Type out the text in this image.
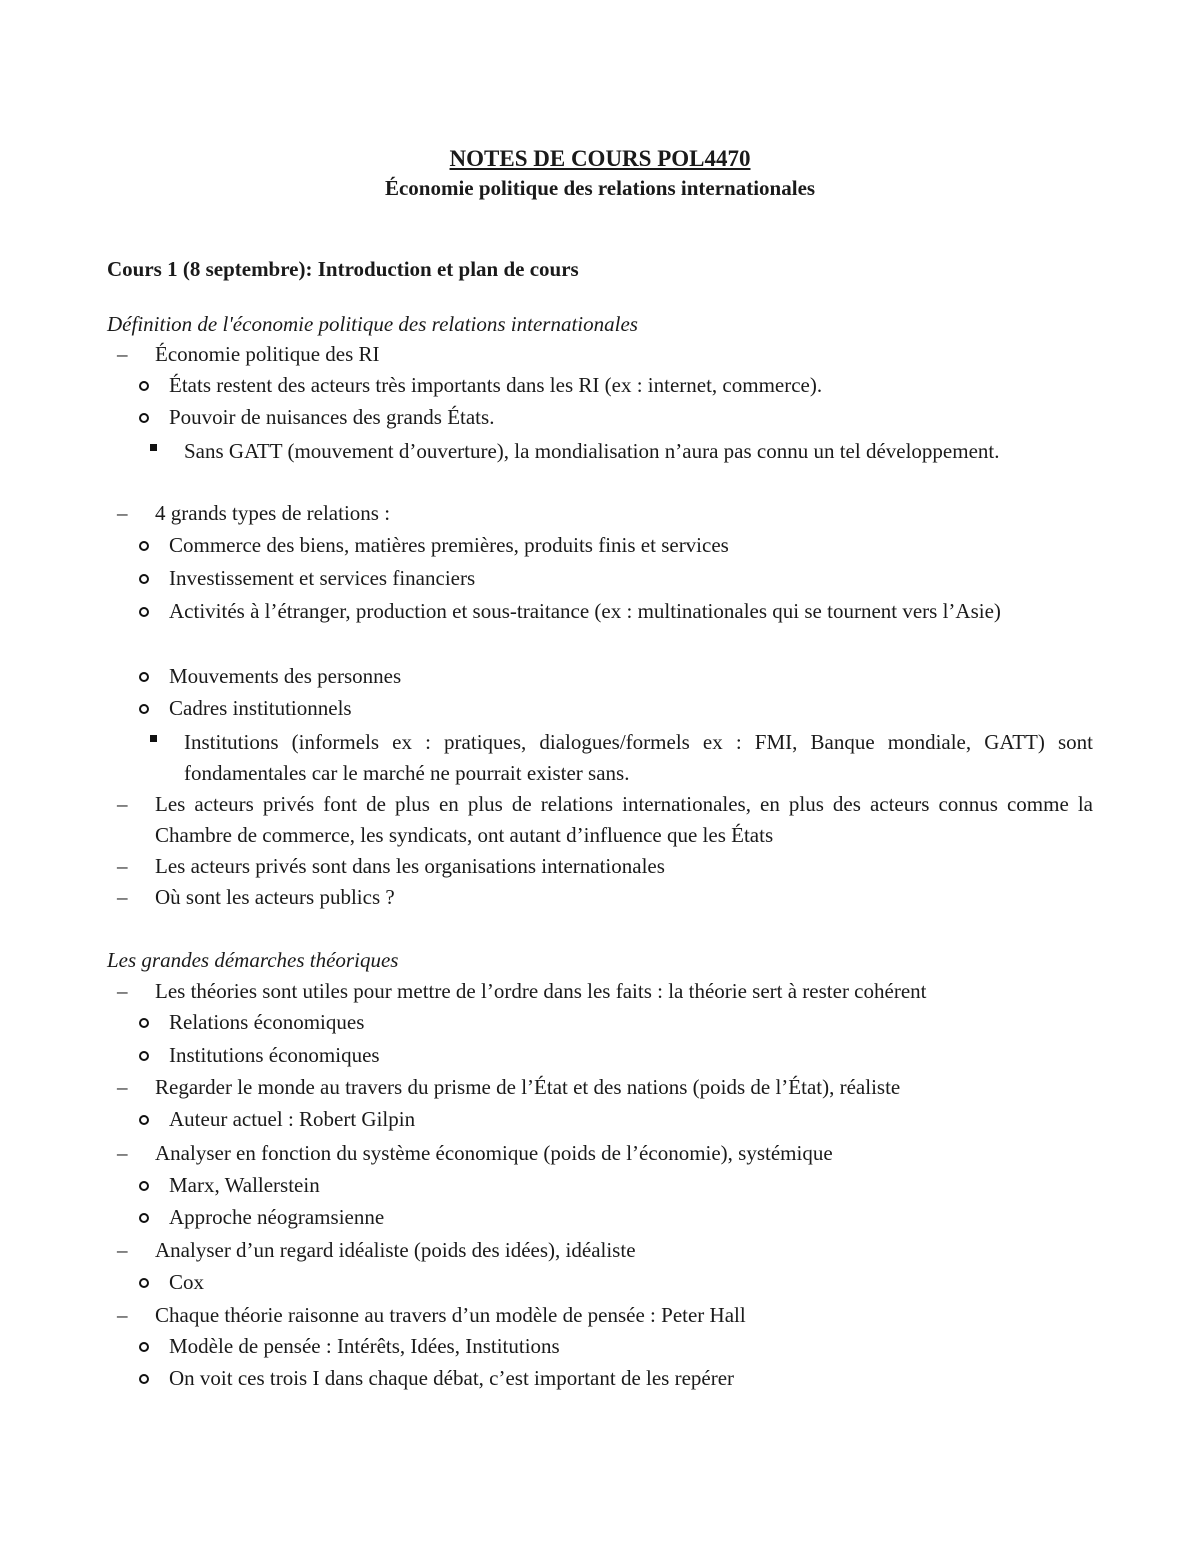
NOTES DE COURS POL4470
Économie politique des relations internationales
Cours 1 (8 septembre): Introduction et plan de cours
Définition de l'économie politique des relations internationales
– Économie politique des RI
États restent des acteurs très importants dans les RI (ex : internet, commerce).
Pouvoir de nuisances des grands États.
Sans GATT (mouvement d’ouverture), la mondialisation n’aura pas connu un tel développement.
– 4 grands types de relations :
Commerce des biens, matières premières, produits finis et services
Investissement et services financiers
Activités à l’étranger, production et sous-traitance (ex : multinationales qui se tournent vers l’Asie)
Mouvements des personnes
Cadres institutionnels
Institutions (informels ex : pratiques, dialogues/formels ex : FMI, Banque mondiale, GATT) sont fondamentales car le marché ne pourrait exister sans.
– Les acteurs privés font de plus en plus de relations internationales, en plus des acteurs connus comme la Chambre de commerce, les syndicats, ont autant d’influence que les États
– Les acteurs privés sont dans les organisations internationales
– Où sont les acteurs publics ?
Les grandes démarches théoriques
– Les théories sont utiles pour mettre de l’ordre dans les faits : la théorie sert à rester cohérent
Relations économiques
Institutions économiques
– Regarder le monde au travers du prisme de l’État et des nations (poids de l’État), réaliste
Auteur actuel : Robert Gilpin
– Analyser en fonction du système économique (poids de l’économie), systémique
Marx, Wallerstein
Approche néogramsienne
– Analyser d’un regard idéaliste (poids des idées), idéaliste
Cox
– Chaque théorie raisonne au travers d’un modèle de pensée : Peter Hall
Modèle de pensée : Intérêts, Idées, Institutions
On voit ces trois I dans chaque débat, c’est important de les repérer
